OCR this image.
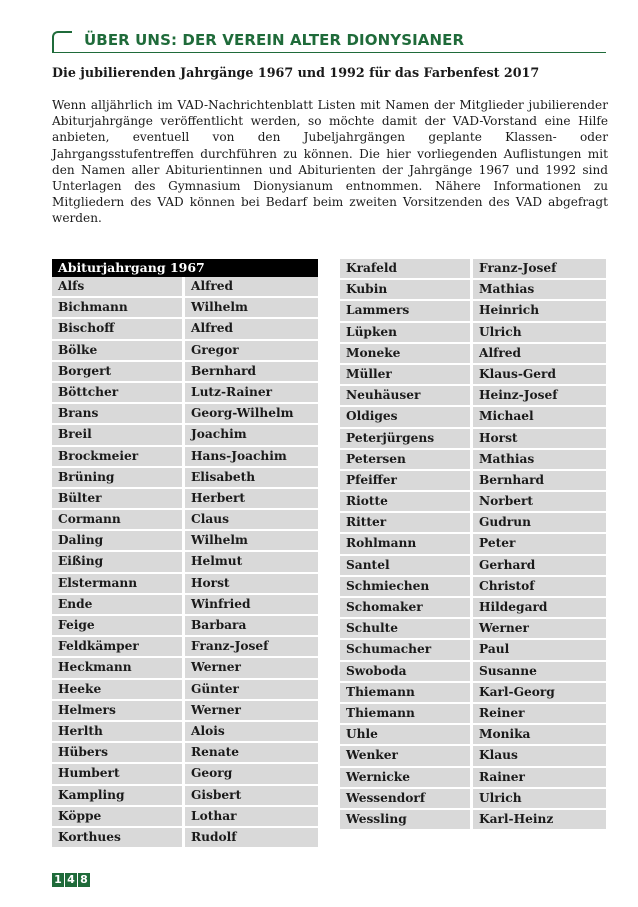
ÜBER UNS: DER VEREIN ALTER DIONYSIANER
Die jubilierenden Jahrgänge 1967 und 1992 für das Farbenfest 2017
Wenn alljährlich im VAD-Nachrichtenblatt Listen mit Namen der Mitglieder jubilierender Abiturjahrgänge veröffentlicht werden, so möchte damit der VAD-Vorstand eine Hilfe anbieten, eventuell von den Jubeljahrgängen geplante Klassen- oder Jahrgangsstufentreffen durchführen zu können. Die hier vorliegenden Auflistungen mit den Namen aller Abiturientinnen und Abiturienten der Jahrgänge 1967 und 1992 sind Unterlagen des Gymnasium Dionysianum entnommen. Nähere Informationen zu Mitgliedern des VAD können bei Bedarf beim zweiten Vorsitzenden des VAD abgefragt werden.
Abiturjahrgang 1967
Alfs	Alfred
Bichmann	Wilhelm
Bischoff	Alfred
Bölke	Gregor
Borgert	Bernhard
Böttcher	Lutz-Rainer
Brans	Georg-Wilhelm
Breil	Joachim
Brockmeier	Hans-Joachim
Brüning	Elisabeth
Bülter	Herbert
Cormann	Claus
Daling	Wilhelm
Eißing	Helmut
Elstermann	Horst
Ende	Winfried
Feige	Barbara
Feldkämper	Franz-Josef
Heckmann	Werner
Heeke	Günter
Helmers	Werner
Herlth	Alois
Hübers	Renate
Humbert	Georg
Kampling	Gisbert
Köppe	Lothar
Korthues	Rudolf
Krafeld	Franz-Josef
Kubin	Mathias
Lammers	Heinrich
Lüpken	Ulrich
Moneke	Alfred
Müller	Klaus-Gerd
Neuhäuser	Heinz-Josef
Oldiges	Michael
Peterjürgens	Horst
Petersen	Mathias
Pfeiffer	Bernhard
Riotte	Norbert
Ritter	Gudrun
Rohlmann	Peter
Santel	Gerhard
Schmiechen	Christof
Schomaker	Hildegard
Schulte	Werner
Schumacher	Paul
Swoboda	Susanne
Thiemann	Karl-Georg
Thiemann	Reiner
Uhle	Monika
Wenker	Klaus
Wernicke	Rainer
Wessendorf	Ulrich
Wessling	Karl-Heinz
1 4 8
